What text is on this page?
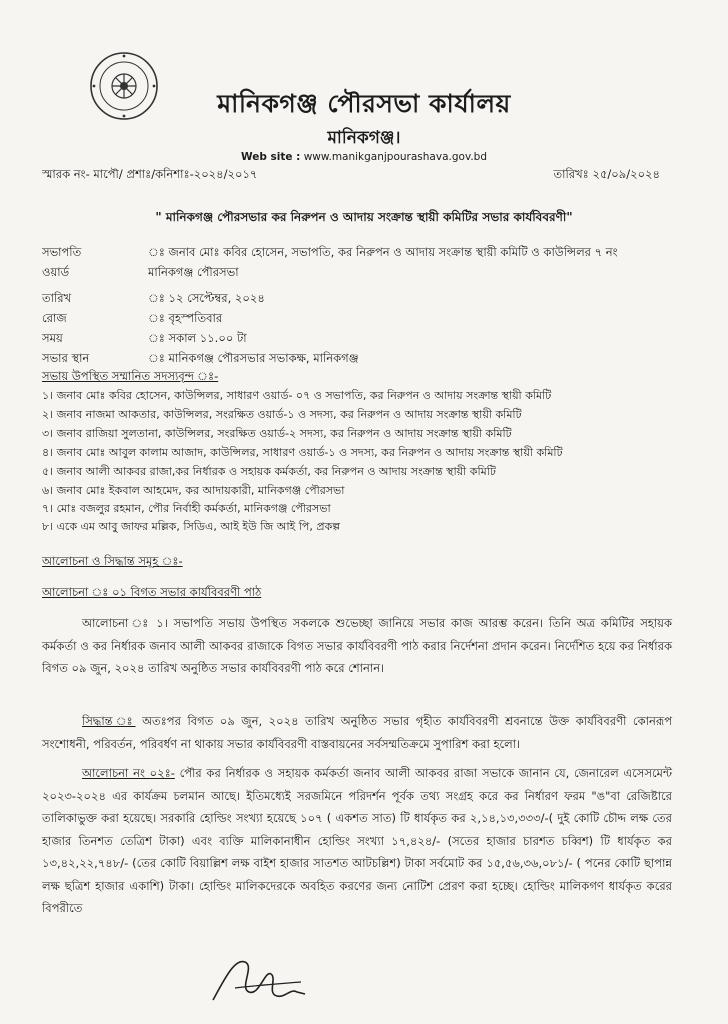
মানিকগঞ্জ পৌরসভা কার্যালয়
মানিকগঞ্জ।
Web site : www.manikganjpourashava.gov.bd
স্মারক নং- মাপৌ/ প্রশাঃ/কনিশাঃ-২০২৪/২০১৭	তারিখঃ ২৫/০৯/২০২৪
" মানিকগঞ্জ পৌরসভার কর নিরুপন ও আদায় সংক্রান্ত স্থায়ী কমিটির সভার কার্যবিবরণী"
সভাপতি	ঃ জনাব মোঃ কবির হোসেন, সভাপতি, কর নিরুপন ও আদায় সংক্রান্ত স্থায়ী কমিটি ও কাউন্সিলর ৭ নং
ওয়ার্ড	মানিকগঞ্জ পৌরসভা
তারিখ	ঃ ১২ সেপ্টেম্বর, ২০২৪
রোজ	ঃ বৃহস্পতিবার
সময়	ঃ সকাল ১১.০০ টা
সভার স্থান	ঃ মানিকগঞ্জ পৌরসভার সভাকক্ষ, মানিকগঞ্জ
সভায় উপস্থিত সম্মানিত সদস্যবৃন্দ ঃ-
১। জনাব মোঃ কবির হোসেন, কাউন্সিলর, সাধারণ ওয়ার্ড- ০৭ ও সভাপতি, কর নিরুপন ও আদায় সংক্রান্ত স্থায়ী কমিটি
২। জনাব নাজমা আকতার, কাউন্সিলর, সংরক্ষিত ওয়ার্ড-১ ও সদস্য, কর নিরুপন ও আদায় সংক্রান্ত স্থায়ী কমিটি
৩। জনাব রাজিয়া সুলতানা, কাউন্সিলর, সংরক্ষিত ওয়ার্ড-২ সদস্য, কর নিরুপন ও আদায় সংক্রান্ত স্থায়ী কমিটি
৪। জনাব মোঃ আবুল কালাম আজাদ, কাউন্সিলর, সাধারণ ওয়ার্ড-১ ও সদস্য, কর নিরুপন ও আদায় সংক্রান্ত স্থায়ী কমিটি
৫। জনাব আলী আকবর রাজা,কর নির্ধারক ও সহায়ক কর্মকর্তা, কর নিরুপন ও আদায় সংক্রান্ত স্থায়ী কমিটি
৬। জনাব মোঃ ইকবাল আহমেদ, কর আদায়কারী, মানিকগঞ্জ পৌরসভা
৭। মোঃ বজলুর রহমান, পৌর নির্বাহী কর্মকর্তা, মানিকগঞ্জ পৌরসভা
৮। একে এম আবু জাফর মল্লিক, সিডিএ, আই ইউ জি আই পি, প্রকল্প
আলোচনা ও সিদ্ধান্ত সমূহ ঃ-
আলোচনা ঃ ০১ বিগত সভার কার্যবিবরণী পাঠ
আলোচনা ঃ ১। সভাপতি সভায় উপস্থিত সকলকে শুভেচ্ছা জানিয়ে সভার কাজ আরম্ভ করেন। তিনি অত্র কমিটির সহায়ক কর্মকর্তা ও কর নির্ধারক জনাব আলী আকবর রাজাকে বিগত সভার কার্যবিবরণী পাঠ করার নির্দেশনা প্রদান করেন। নির্দেশিত হয়ে কর নির্ধারক বিগত ০৯ জুন, ২০২৪ তারিখ অনুষ্ঠিত সভার কার্যবিবরণী পাঠ করে শোনান।
সিদ্ধান্ত ঃ অতঃপর বিগত ০৯ জুন, ২০২৪ তারিখ অনুষ্ঠিত সভার গৃহীত কার্যবিবরণী শ্রবনান্তে উক্ত কার্যবিবরণী কোনরূপ সংশোধনী, পরিবর্তন, পরিবর্ধণ না থাকায় সভার কার্যবিবরণী বাস্তবায়নের সর্বসম্মতিক্রমে সুপারিশ করা হলো।
আলোচনা নং ০২ঃ- পৌর কর নির্ধারক ও সহায়ক কর্মকর্তা জনাব আলী আকবর রাজা সভাকে জানান যে, জেনারেল এসেসমেন্ট ২০২৩-২০২৪ এর কার্যক্রম চলমান আছে। ইতিমধ্যেই সরজমিনে পরিদর্শন পূর্বক তথ্য সংগ্রহ করে কর নির্ধারণ ফরম "ঙ"বা রেজিষ্টারে তালিকাভুক্ত করা হয়েছে। সরকারি হোল্ডিং সংখ্যা হয়েছে ১০৭ ( একশত সাত) টি ধার্যকৃত কর ২,১৪,১৩,৩৩৩/-( দুই কোটি চৌদ্দ লক্ষ তের হাজার তিনশত তেত্রিশ টাকা) এবং ব্যক্তি মালিকানাধীন হোল্ডিং সংখ্যা ১৭,৪২৪/- (সতের হাজার চারশত চব্বিশ) টি ধার্যকৃত কর ১৩,৪২,২২,৭৪৮/- (তের কোটি বিয়াল্লিশ লক্ষ বাইশ হাজার সাতশত আটচল্লিশ) টাকা সর্বমোট কর ১৫,৫৬,৩৬,০৮১/- ( পনের কোটি ছাপান্ন লক্ষ ছত্রিশ হাজার একাশি) টাকা। হোল্ডিং মালিকদেরকে অবহিত করণের জন্য নোটিশ প্রেরণ করা হচ্ছে। হোল্ডিং মালিকগণ ধার্যকৃত করের বিপরীতে
